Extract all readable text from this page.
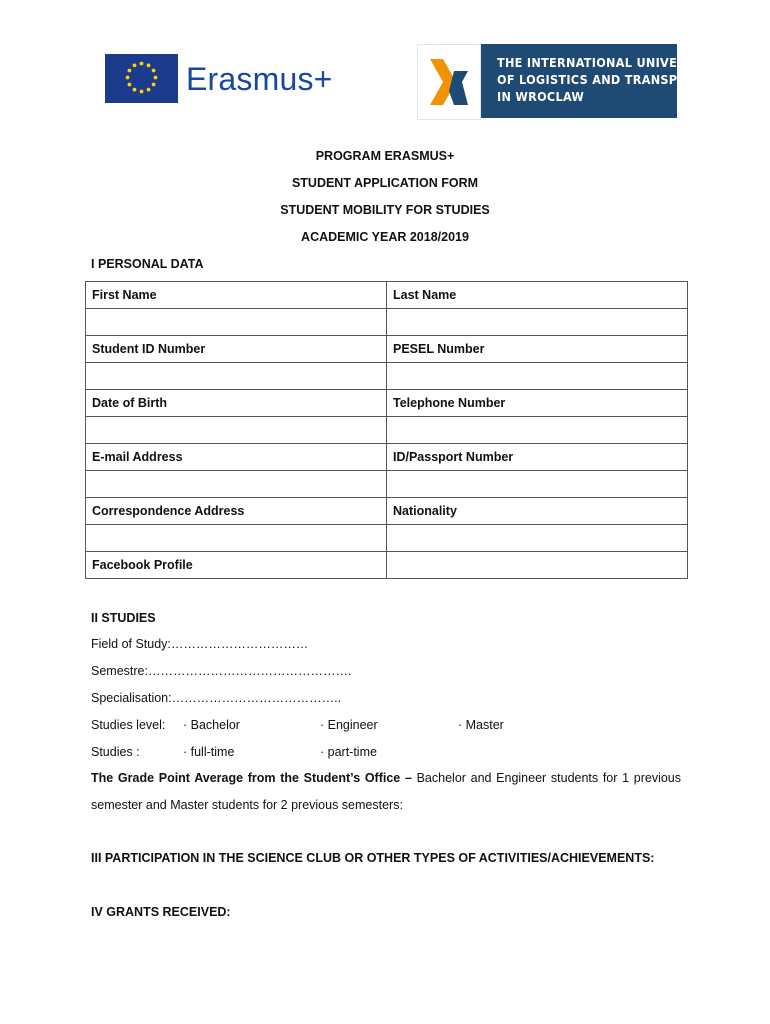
Erasmus+	THE INTERNATIONAL UNIVERSITY
OF LOGISTICS AND TRANSPORT
IN WROCLAW
PROGRAM ERASMUS+
STUDENT APPLICATION FORM
STUDENT MOBILITY FOR STUDIES
ACADEMIC YEAR 2018/2019
I PERSONAL DATA
First Name	Last Name

Student ID Number	PESEL Number

Date of Birth	Telephone Number

E-mail Address	ID/Passport Number

Correspondence Address	Nationality

Facebook Profile	
II STUDIES
Field of Study:……………………………
Semestre:………………………………………….
Specialisation:…………………………………..
Studies level: · Bachelor	· Engineer	· Master
Studies :	· full-time	· part-time
The Grade Point Average from the Student’s Office – Bachelor and Engineer students for 1 previous semester and Master students for 2 previous semesters:
III PARTICIPATION IN THE SCIENCE CLUB OR OTHER TYPES OF ACTIVITIES/ACHIEVEMENTS:
IV GRANTS RECEIVED:
